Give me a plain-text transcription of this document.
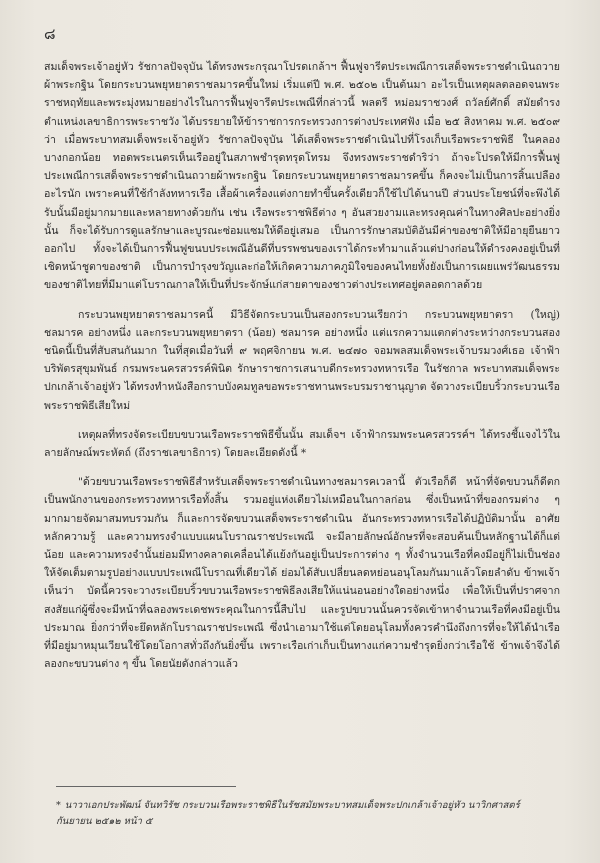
๘

สมเด็จพระเจ้าอยู่หัว รัชกาลปัจจุบัน ได้ทรงพระกรุณาโปรดเกล้าฯ ฟื้นฟูจารีตประเพณีการเสด็จพระราชดำเนินถวายผ้าพระกฐิน โดยกระบวนพยุหยาตราชลมารคขึ้นใหม่ เริ่มแต่ปี พ.ศ. ๒๕๐๒ เป็นต้นมา อะไรเป็นเหตุผลตลอดจนพระราชหฤทัยและพระมุ่งหมายอย่างไรในการฟื้นฟูจารีตประเพณีที่กล่าวนี้ พลตรี หม่อมราชวงศ์ ถวัลย์ศักดิ์ สมัยดำรงตำแหน่งเลขาธิการพระราชวัง ได้บรรยายให้ข้าราชการกระทรวงการต่างประเทศฟัง เมื่อ ๒๕ สิงหาคม พ.ศ. ๒๕๐๙ ว่า เมื่อพระบาทสมเด็จพระเจ้าอยู่หัว รัชกาลปัจจุบัน ได้เสด็จพระราชดำเนินไปที่โรงเก็บเรือพระราชพิธี ในคลองบางกอกน้อย ทอดพระเนตรเห็นเรืออยู่ในสภาพชำรุดทรุดโทรม จึงทรงพระราชดำริว่า ถ้าจะโปรดให้มีการฟื้นฟูประเพณีการเสด็จพระราชดำเนินถวายผ้าพระกฐิน โดยกระบวนพยุหยาตราชลมารคขึ้น ก็คงจะไม่เป็นการสิ้นเปลืองอะไรนัก เพราะคนที่ใช้กำลังทหารเรือ เสื้อผ้าเครื่องแต่งกายทำขึ้นครั้งเดียวก็ใช้ไปได้นานปี ส่วนประโยชน์ที่จะพึงได้รับนั้นมีอยู่มากมายและหลายทางด้วยกัน เช่น เรือพระราชพิธีต่าง ๆ อันสวยงามและทรงคุณค่าในทางศิลปะอย่างยิ่งนั้น ก็จะได้รับการดูแลรักษาและบูรณะซ่อมแซมให้ดีอยู่เสมอ เป็นการรักษาสมบัติอันมีค่าของชาติให้มีอายุยืนยาวออกไป ทั้งจะได้เป็นการฟื้นฟูขนบประเพณีอันดีที่บรรพชนของเราได้กระทำมาแล้วแต่ปางก่อนให้ดำรงคงอยู่เป็นที่เชิดหน้าชูตาของชาติ เป็นการบำรุงขวัญและก่อให้เกิดความภาคภูมิใจของคนไทยทั้งยังเป็นการเผยแพร่วัฒนธรรมของชาติไทยที่มีมาแต่โบราณกาลให้เป็นที่ประจักษ์แก่สายตาของชาวต่างประเทศอยู่ตลอดกาลด้วย

กระบวนพยุหยาตราชลมารคนี้ มีวิธีจัดกระบวนเป็นสองกระบวนเรียกว่า กระบวนพยุหยาตรา (ใหญ่) ชลมารค อย่างหนึ่ง และกระบวนพยุหยาตรา (น้อย) ชลมารค อย่างหนึ่ง แต่แรกความแตกต่างระหว่างกระบวนสองชนิดนี้เป็นที่สับสนกันมาก ในที่สุดเมื่อวันที่ ๙ พฤศจิกายน พ.ศ. ๒๔๗๐ จอมพลสมเด็จพระเจ้าบรมวงศ์เธอ เจ้าฟ้าบริพัตรสุขุมพันธ์ กรมพระนครสวรรค์พินิต รักษาราชการเสนาบดีกระทรวงทหารเรือ ในรัชกาล พระบาทสมเด็จพระปกเกล้าเจ้าอยู่หัว ได้ทรงทำหนังสือกราบบังคมทูลขอพระราชทานพระบรมราชานุญาต จัดวางระเบียบริ้วกระบวนเรือพระราชพิธีเสียใหม่

เหตุผลที่ทรงจัดระเบียบขบวนเรือพระราชพิธีขึ้นนั้น สมเด็จฯ เจ้าฟ้ากรมพระนครสวรรค์ฯ ได้ทรงชี้แจงไว้ในลายลักษณ์พระหัตถ์ (ถึงราชเลขาธิการ) โดยละเอียดดังนี้ *

"ด้วยขบวนเรือพระราชพิธีสำหรับเสด็จพระราชดำเนินทางชลมารคเวลานี้ ตัวเรือก็ดี หน้าที่จัดขบวนก็ดีตกเป็นพนักงานของกระทรวงทหารเรือทั้งสิ้น รวมอยู่แห่งเดียวไม่เหมือนในกาลก่อน ซึ่งเป็นหน้าที่ของกรมต่าง ๆ มากมายจัดมาสมทบรวมกัน ก็และการจัดขบวนเสด็จพระราชดำเนิน อันกระทรวงทหารเรือได้ปฏิบัติมานั้น อาศัยหลักความรู้ และความทรงจำแบบแผนโบราณราชประเพณี จะมีลายลักษณ์อักษรที่จะสอบค้นเป็นหลักฐานได้ก็แต่น้อย และความทรงจำนั้นย่อมมีทางคลาดเคลื่อนได้แย้งกันอยู่เป็นประการต่าง ๆ ทั้งจำนวนเรือที่คงมีอยู่ก็ไม่เป็นช่องให้จัดเต็มตามรูปอย่างแบบประเพณีโบราณที่เดียวได้ ย่อมได้สับเปลี่ยนลดหย่อนอนุโลมกันมาแล้วโดยลำดับ ข้าพเจ้าเห็นว่า บัดนี้ควรจะวางระเบียบริ้วขบวนเรือพระราชพิธีลงเสียให้แน่นอนอย่างใดอย่างหนึ่ง เพื่อให้เป็นที่ปราศจากสงสัยแก่ผู้ซึ่งจะมีหน้าที่ฉลองพระเดชพระคุณในการนี้สืบไป และรูปขบวนนั้นควรจัดเข้าหาจำนวนเรือที่คงมีอยู่เป็นประมาณ ยิ่งกว่าที่จะยึดหลักโบราณราชประเพณี ซึ่งนำเอามาใช้แต่โดยอนุโลมทั้งควรคำนึงถึงการที่จะให้ได้นำเรือที่มีอยู่มาหมุนเวียนใช้โดยโอกาสทั่วถึงกันยิ่งขึ้น เพราะเรือเก่าเก็บเป็นทางแก่ความชำรุดยิ่งกว่าเรือใช้ ข้าพเจ้าจึงได้ลองกะขบวนต่าง ๆ ขึ้น โดยนัยดังกล่าวแล้ว

* นาวาเอกประพัฒน์ จันทวิรัช กระบวนเรือพระราชพิธีในรัชสมัยพระบาทสมเด็จพระปกเกล้าเจ้าอยู่หัว นาวิกศาสตร์ กันยายน ๒๕๑๒ หน้า ๕
